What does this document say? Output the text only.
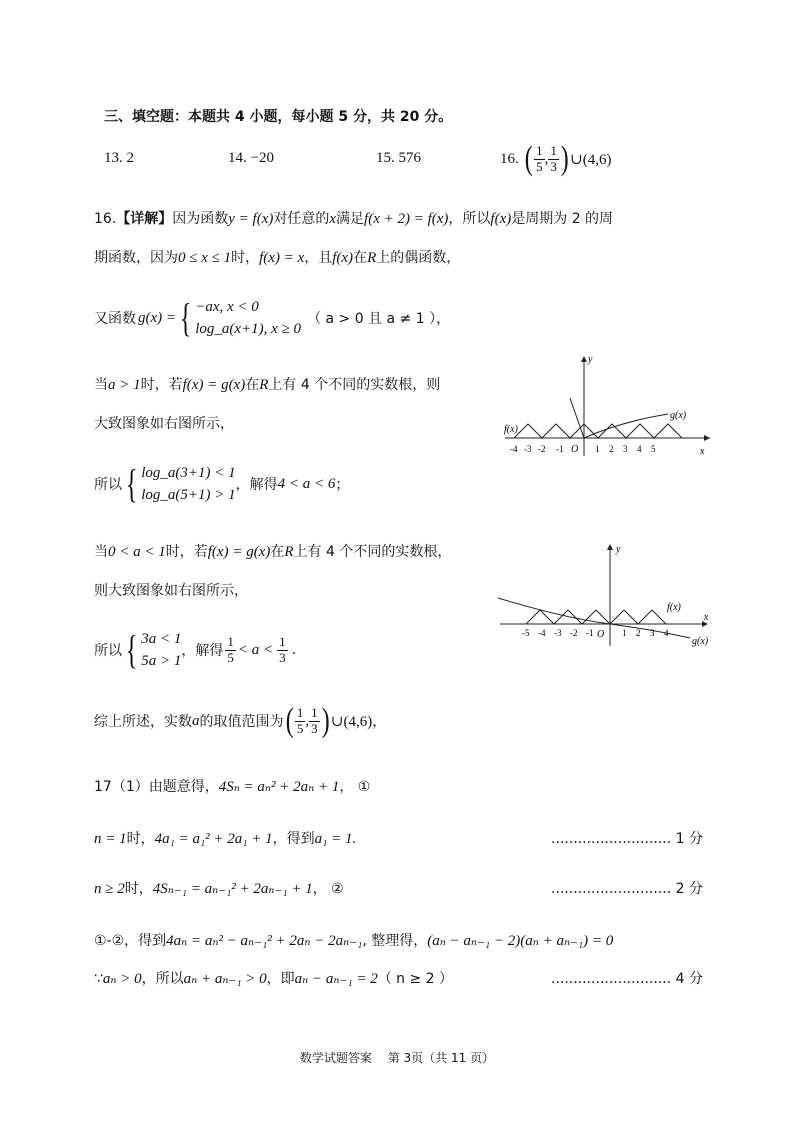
三、填空题：本题共 4 小题，每小题 5 分，共 20 分。
13. 2	14. −20	15. 576	16. ( $\frac{1}{5}$ , $\frac{1}{3}$ ) ∪(4,6)
16.【详解】因为函数y = f(x)对任意的x满足f(x + 2) = f(x)，所以f(x)是周期为 2 的周
期函数，因为0 ≤ x ≤ 1时，f(x) = x，且f(x)在R上的偶函数，
又函数 g(x) = { −ax, x < 0
log_a(x+1), x ≥ 0
（ a > 0 且 a ≠ 1 ），
当a > 1时，若f(x) = g(x)在R上有 4 个不同的实数根，则
大致图象如右图所示，
所以 { log_a(3+1) < 1
log_a(5+1) > 1
，解得 4 < a < 6 ；
y
x
O
f(x)
g(x)
-4 -3 -2 -1	1 2 3 4 5
当0 < a < 1时，若f(x) = g(x)在R上有 4 个不同的实数根，
则大致图象如右图所示，
所以 { 3a < 1
5a > 1
，解得 $\frac{1}{5} < a < \frac{1}{3}$ .
y
x
O
f(x)
g(x)
-5 -4 -3 -2 -1	1 2 3 4
综上所述，实数 a 的取值范围为 ( $\frac{1}{5}$ , $\frac{1}{3}$ ) ∪(4,6) ，
17（1）由题意得，4Sₙ = aₙ² + 2aₙ + 1， ①
n = 1时，4a₁ = a₁² + 2a₁ + 1，得到a₁ = 1.	........................... 1 分
n ≥ 2时，4Sₙ₋₁ = aₙ₋₁² + 2aₙ₋₁ + 1， ②	........................... 2 分
①-②，得到4aₙ = aₙ² − aₙ₋₁² + 2aₙ − 2aₙ₋₁, 整理得，(aₙ − aₙ₋₁ − 2)(aₙ + aₙ₋₁) = 0
∵aₙ > 0，所以aₙ + aₙ₋₁ > 0，即aₙ − aₙ₋₁ = 2（ n ≥ 2 ）	........................... 4 分
数学试题答案　 第 3页（共 11 页）
